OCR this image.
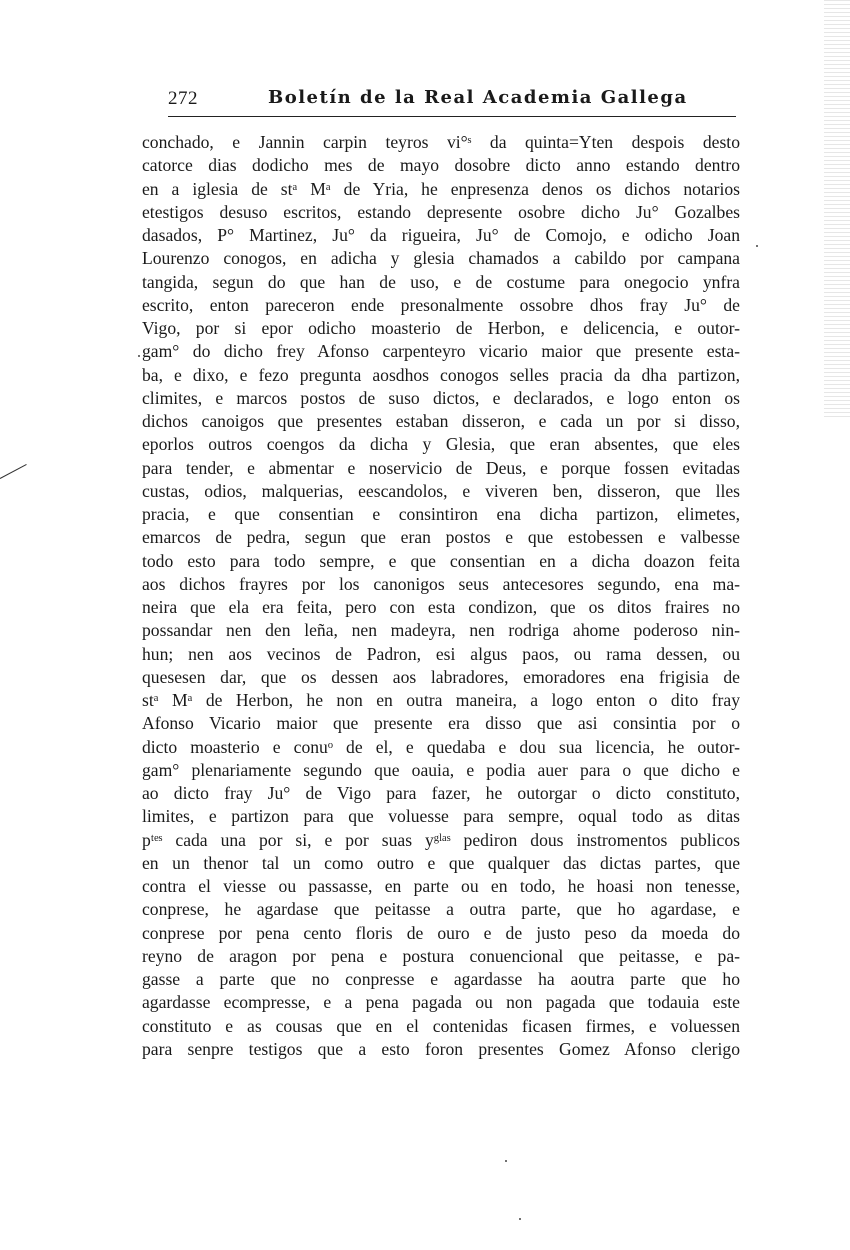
272	Boletín de la Real Academia Gallega
conchado, e Jannin carpin teyros vi°ˢ da quinta=Yten despois desto
catorce dias dodicho mes de mayo dosobre dicto anno estando dentro
en a iglesia de stᵃ Mᵃ de Yria, he enpresenza denos os dichos notarios
etestigos desuso escritos, estando depresente osobre dicho Ju° Gozalbes
dasados, P° Martinez, Ju° da rigueira, Ju° de Comojo, e odicho Joan
Lourenzo conogos, en adicha y glesia chamados a cabildo por campana
tangida, segun do que han de uso, e de costume para onegocio ynfra
escrito, enton pareceron ende presonalmente ossobre dhos fray Ju° de
Vigo, por si epor odicho moasterio de Herbon, e delicencia, e outor-
gam° do dicho frey Afonso carpenteyro vicario maior que presente esta-
ba, e dixo, e fezo pregunta aosdhos conogos selles pracia da dha partizon,
climites, e marcos postos de suso dictos, e declarados, e logo enton os
dichos canoigos que presentes estaban disseron, e cada un por si disso,
eporlos outros coengos da dicha y Glesia, que eran absentes, que eles
para tender, e abmentar e noservicio de Deus, e porque fossen evitadas
custas, odios, malquerias, eescandolos, e viveren ben, disseron, que lles
pracia, e que consentian e consintiron ena dicha partizon, elimetes,
emarcos de pedra, segun que eran postos e que estobessen e valbesse
todo esto para todo sempre, e que consentian en a dicha doazon feita
aos dichos frayres por los canonigos seus antecesores segundo, ena ma-
neira que ela era feita, pero con esta condizon, que os ditos fraires no
possandar nen den leña, nen madeyra, nen rodriga ahome poderoso nin-
hun; nen aos vecinos de Padron, esi algus paos, ou rama dessen, ou
quesesen dar, que os dessen aos labradores, emoradores ena frigisia de
stᵃ Mᵃ de Herbon, he non en outra maneira, a logo enton o dito fray
Afonso Vicario maior que presente era disso que asi consintia por o
dicto moasterio e conuᵒ de el, e quedaba e dou sua licencia, he outor-
gam° plenariamente segundo que oauia, e podia auer para o que dicho e
ao dicto fray Ju° de Vigo para fazer, he outorgar o dicto constituto,
limites, e partizon para que voluesse para sempre, oqual todo as ditas
pᵗᵉˢ cada una por si, e por suas yᵍˡᵃˢ pediron dous instromentos publicos
en un thenor tal un como outro e que qualquer das dictas partes, que
contra el viesse ou passasse, en parte ou en todo, he hoasi non tenesse,
conprese, he agardase que peitasse a outra parte, que ho agardase, e
conprese por pena cento floris de ouro e de justo peso da moeda do
reyno de aragon por pena e postura conuencional que peitasse, e pa-
gasse a parte que no conpresse e agardasse ha aoutra parte que ho
agardasse ecompresse, e a pena pagada ou non pagada que todauia este
constituto e as cousas que en el contenidas ficasen firmes, e voluessen
para senpre testigos que a esto foron presentes Gomez Afonso clerigo
